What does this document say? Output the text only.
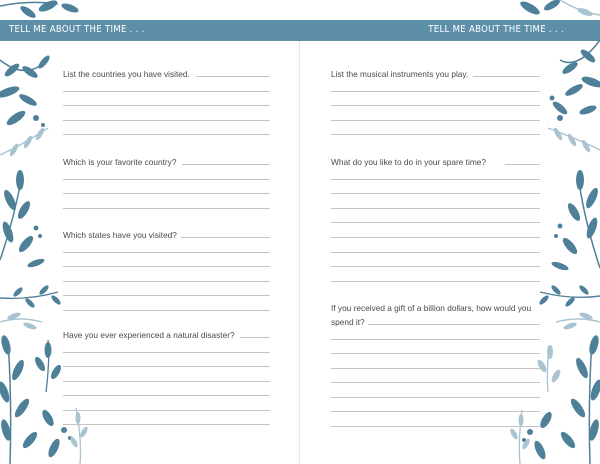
TELL ME ABOUT THE TIME . . .	TELL ME ABOUT THE TIME . . .
List the countries you have visited.
Which is your favorite country?
Which states have you visited?
Have you ever experienced a natural disaster?
List the musical instruments you play.
What do you like to do in your spare time?
If you received a gift of a billion dollars, how would you spend it?
